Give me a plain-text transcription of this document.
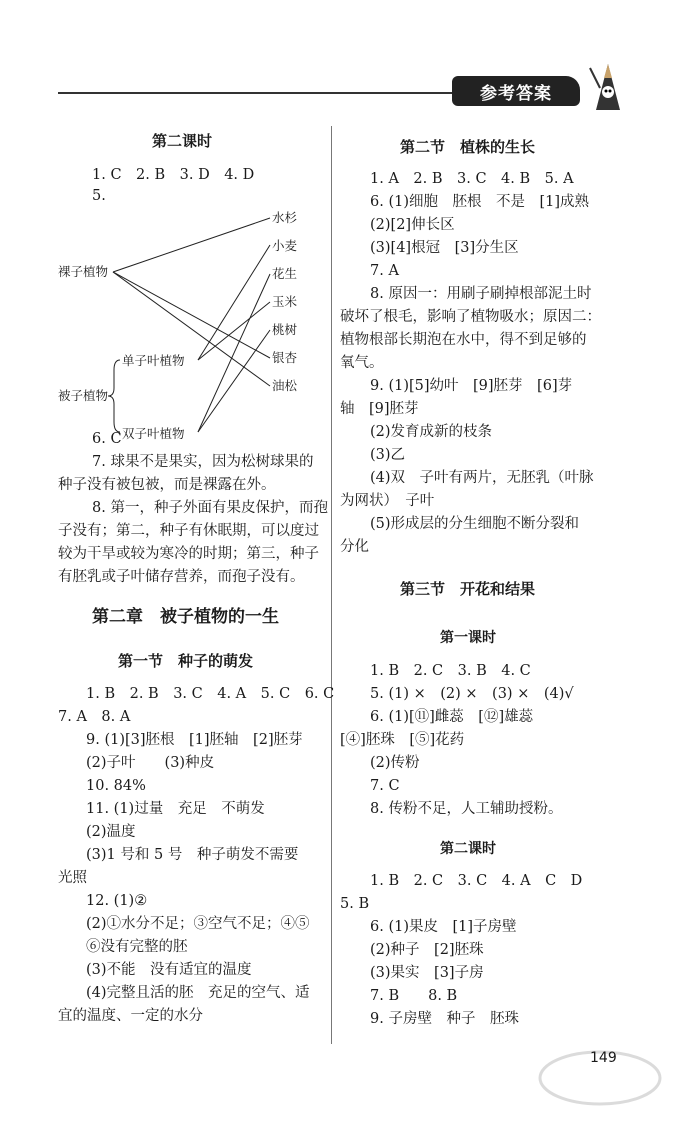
参考答案
第二课时
1. C　2. B　3. D　4. D
5.
裸子植物
被子植物
单子叶植物
双子叶植物
水杉
小麦
花生
玉米
桃树
银杏
油松
6. C
7. 球果不是果实，因为松树球果的
种子没有被包被，而是裸露在外。
8. 第一，种子外面有果皮保护，而孢
子没有；第二，种子有休眠期，可以度过
较为干旱或较为寒冷的时期；第三，种子
有胚乳或子叶储存营养，而孢子没有。
第二章　被子植物的一生
第一节　种子的萌发
1. B　2. B　3. C　4. A　5. C　6. C
7. A　8. A
9. (1)[3]胚根　[1]胚轴　[2]胚芽
(2)子叶　　(3)种皮
10. 84%
11. (1)过量　充足　不萌发
(2)温度
(3)1 号和 5 号　种子萌发不需要
光照
12. (1)②
(2)①水分不足；③空气不足；④⑤
⑥没有完整的胚
(3)不能　没有适宜的温度
(4)完整且活的胚　充足的空气、适
宜的温度、一定的水分
第二节　植株的生长
1. A　2. B　3. C　4. B　5. A
6. (1)细胞　胚根　不是　[1]成熟
(2)[2]伸长区
(3)[4]根冠　[3]分生区
7. A
8. 原因一：用刷子刷掉根部泥土时
破坏了根毛，影响了植物吸水；原因二：
植物根部长期泡在水中，得不到足够的
氧气。
9. (1)[5]幼叶　[9]胚芽　[6]芽
轴　[9]胚芽
(2)发育成新的枝条
(3)乙
(4)双　子叶有两片，无胚乳（叶脉
为网状）　子叶
(5)形成层的分生细胞不断分裂和
分化
第三节　开花和结果
第一课时
1. B　2. C　3. B　4. C
5. (1) ×　(2) ×　(3) ×　(4)√
6. (1)[⑪]雌蕊　[⑫]雄蕊
[④]胚珠　[⑤]花药
(2)传粉
7. C
8. 传粉不足，人工辅助授粉。
第二课时
1. B　2. C　3. C　4. A　C　D
5. B
6. (1)果皮　[1]子房壁
(2)种子　[2]胚珠
(3)果实　[3]子房
7. B　　8. B
9. 子房壁　种子　胚珠
149
